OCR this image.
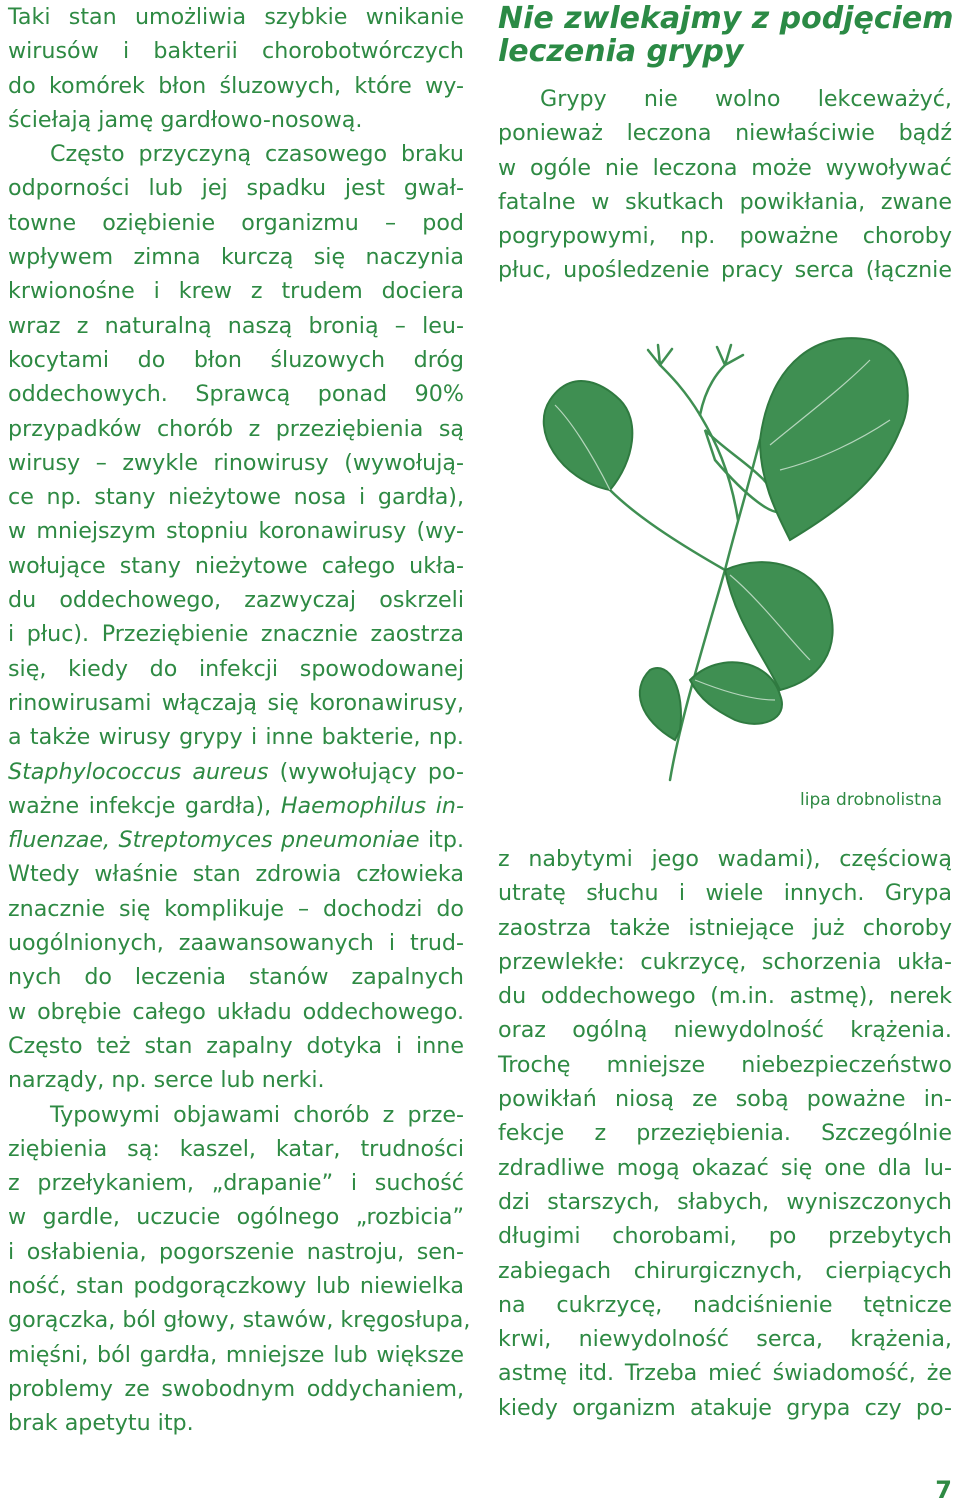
Taki stan umożliwia szybkie wnikanie
wirusów i bakterii chorobotwórczych
do komórek błon śluzowych, które wy-
ściełają jamę gardłowo-nosową.
Często przyczyną czasowego braku
odporności lub jej spadku jest gwał-
towne oziębienie organizmu – pod
wpływem zimna kurczą się naczynia
krwionośne i krew z trudem dociera
wraz z naturalną naszą bronią – leu-
kocytami do błon śluzowych dróg
oddechowych. Sprawcą ponad 90%
przypadków chorób z przeziębienia są
wirusy – zwykle rinowirusy (wywołują-
ce np. stany nieżytowe nosa i gardła),
w mniejszym stopniu koronawirusy (wy-
wołujące stany nieżytowe całego ukła-
du oddechowego, zazwyczaj oskrzeli
i płuc). Przeziębienie znacznie zaostrza
się, kiedy do infekcji spowodowanej
rinowirusami włączają się koronawirusy,
a także wirusy grypy i inne bakterie, np.
Staphylococcus aureus (wywołujący po-
ważne infekcje gardła), Haemophilus in-
fluenzae, Streptomyces pneumoniae itp.
Wtedy właśnie stan zdrowia człowieka
znacznie się komplikuje – dochodzi do
uogólnionych, zaawansowanych i trud-
nych do leczenia stanów zapalnych
w obrębie całego układu oddechowego.
Często też stan zapalny dotyka i inne
narządy, np. serce lub nerki.
Typowymi objawami chorób z prze-
ziębienia są: kaszel, katar, trudności
z przełykaniem, „drapanie” i suchość
w gardle, uczucie ogólnego „rozbicia”
i osłabienia, pogorszenie nastroju, sen-
ność, stan podgorączkowy lub niewielka
gorączka, ból głowy, stawów, kręgosłupa,
mięśni, ból gardła, mniejsze lub większe
problemy ze swobodnym oddychaniem,
brak apetytu itp.
Nie zwlekajmy z podjęciem
leczenia grypy
Grypy nie wolno lekceważyć,
ponieważ leczona niewłaściwie bądź
w ogóle nie leczona może wywoływać
fatalne w skutkach powikłania, zwane
pogrypowymi, np. poważne choroby
płuc, upośledzenie pracy serca (łącznie
lipa drobnolistna
z nabytymi jego wadami), częściową
utratę słuchu i wiele innych. Grypa
zaostrza także istniejące już choroby
przewlekłe: cukrzycę, schorzenia ukła-
du oddechowego (m.in. astmę), nerek
oraz ogólną niewydolność krążenia.
Trochę mniejsze niebezpieczeństwo
powikłań niosą ze sobą poważne in-
fekcje z przeziębienia. Szczególnie
zdradliwe mogą okazać się one dla lu-
dzi starszych, słabych, wyniszczonych
długimi chorobami, po przebytych
zabiegach chirurgicznych, cierpiących
na cukrzycę, nadciśnienie tętnicze
krwi, niewydolność serca, krążenia,
astmę itd. Trzeba mieć świadomość, że
kiedy organizm atakuje grypa czy po-
7
